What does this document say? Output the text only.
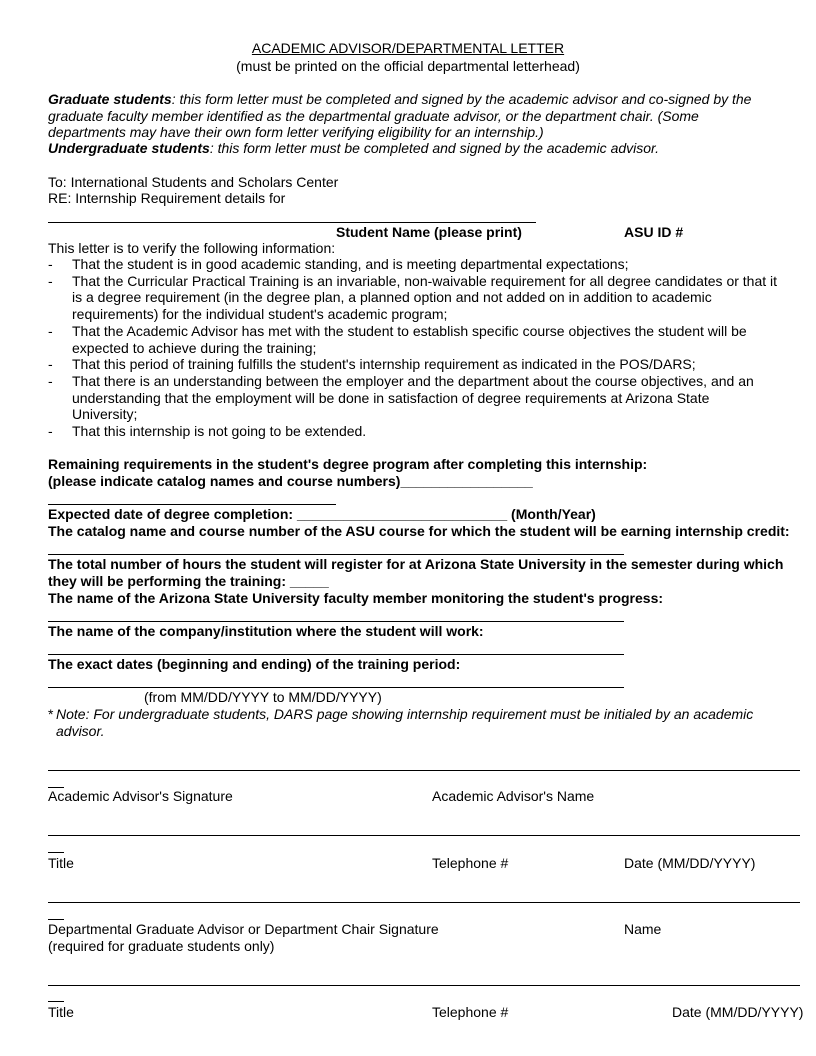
ACADEMIC ADVISOR/DEPARTMENTAL LETTER
(must be printed on the official departmental letterhead)
Graduate students: this form letter must be completed and signed by the academic advisor and co-signed by the graduate faculty member identified as the departmental graduate advisor, or the department chair. (Some departments may have their own form letter verifying eligibility for an internship.)
Undergraduate students: this form letter must be completed and signed by the academic advisor.
To: International Students and Scholars Center
RE: Internship Requirement details for
Student Name (please print)	ASU ID #
This letter is to verify the following information:
- That the student is in good academic standing, and is meeting departmental expectations;
- That the Curricular Practical Training is an invariable, non-waivable requirement for all degree candidates or that it is a degree requirement (in the degree plan, a planned option and not added on in addition to academic requirements) for the individual student's academic program;
- That the Academic Advisor has met with the student to establish specific course objectives the student will be expected to achieve during the training;
- That this period of training fulfills the student's internship requirement as indicated in the POS/DARS;
- That there is an understanding between the employer and the department about the course objectives, and an understanding that the employment will be done in satisfaction of degree requirements at Arizona State University;
- That this internship is not going to be extended.
Remaining requirements in the student's degree program after completing this internship:
(please indicate catalog names and course numbers)_________________
Expected date of degree completion: ___________________________ (Month/Year)
The catalog name and course number of the ASU course for which the student will be earning internship credit:
The total number of hours the student will register for at Arizona State University in the semester during which
they will be performing the training: _____
The name of the Arizona State University faculty member monitoring the student's progress:
The name of the company/institution where the student will work:
The exact dates (beginning and ending) of the training period:
(from MM/DD/YYYY to MM/DD/YYYY)
* Note: For undergraduate students, DARS page showing internship requirement must be initialed by an academic advisor.
Academic Advisor's Signature	Academic Advisor's Name
Title	Telephone #	Date (MM/DD/YYYY)
Departmental Graduate Advisor or Department Chair Signature	Name
(required for graduate students only)
Title	Telephone #	Date (MM/DD/YYYY)
